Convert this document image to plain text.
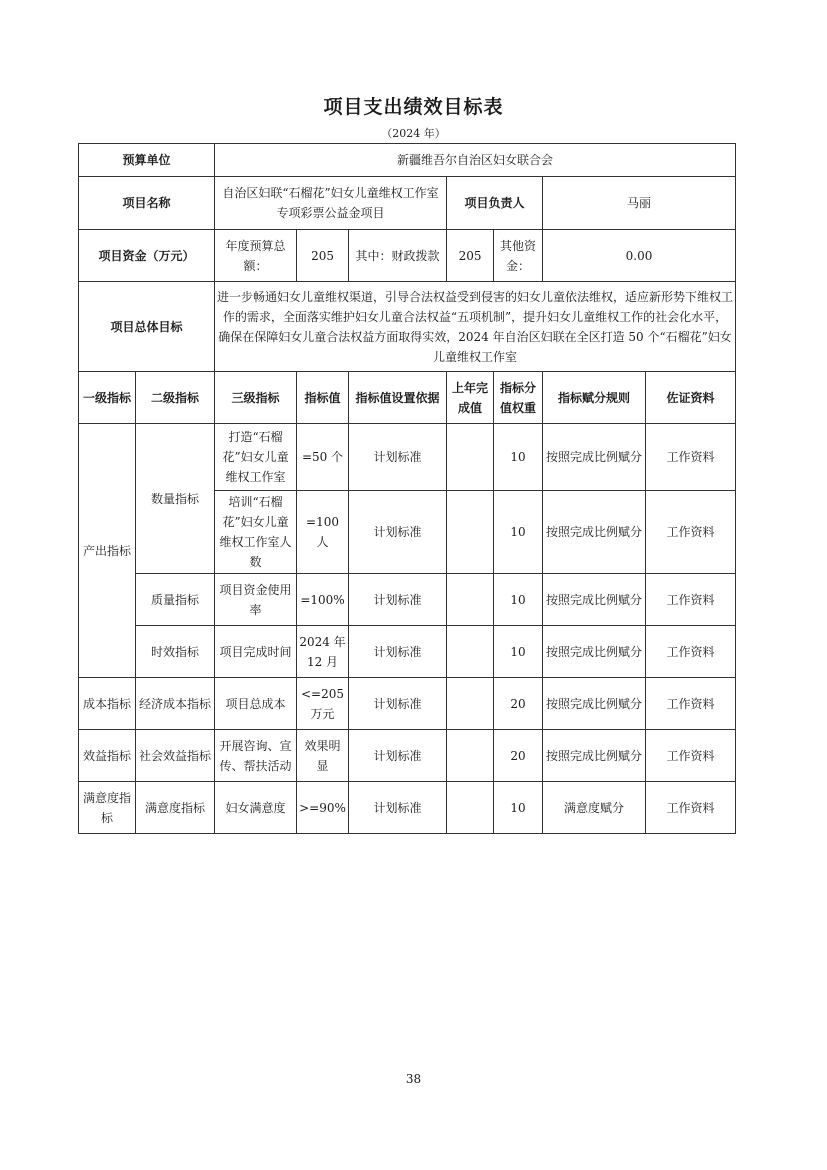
项目支出绩效目标表
（2024 年）
预算单位		新疆维吾尔自治区妇女联合会						
项目名称		自治区妇联“石榴花”妇女儿童维权工作室专项彩票公益金项目			项目负责人		马丽	
项目资金（万元）		年度预算总额：	205	其中：财政拨款	205	其他资金：	0.00	
项目总体目标		进一步畅通妇女儿童维权渠道，引导合法权益受到侵害的妇女儿童依法维权，适应新形势下维权工作的需求，全面落实维护妇女儿童合法权益“五项机制”，提升妇女儿童维权工作的社会化水平，确保在保障妇女儿童合法权益方面取得实效，2024 年自治区妇联在全区打造 50 个“石榴花”妇女儿童维权工作室						
一级指标	二级指标	三级指标	指标值	指标值设置依据	上年完成值	指标分值权重	指标赋分规则	佐证资料
产出指标	数量指标	打造“石榴花”妇女儿童维权工作室	=50 个	计划标准		10	按照完成比例赋分	工作资料
		培训“石榴花”妇女儿童维权工作室人数	=100 人	计划标准		10	按照完成比例赋分	工作资料
	质量指标	项目资金使用率	=100%	计划标准		10	按照完成比例赋分	工作资料
	时效指标	项目完成时间	2024 年 12 月	计划标准		10	按照完成比例赋分	工作资料
成本指标	经济成本指标	项目总成本	<=205 万元	计划标准		20	按照完成比例赋分	工作资料
效益指标	社会效益指标	开展咨询、宣传、帮扶活动	效果明显	计划标准		20	按照完成比例赋分	工作资料
满意度指标	满意度指标	妇女满意度	>=90%	计划标准		10	满意度赋分	工作资料
38
